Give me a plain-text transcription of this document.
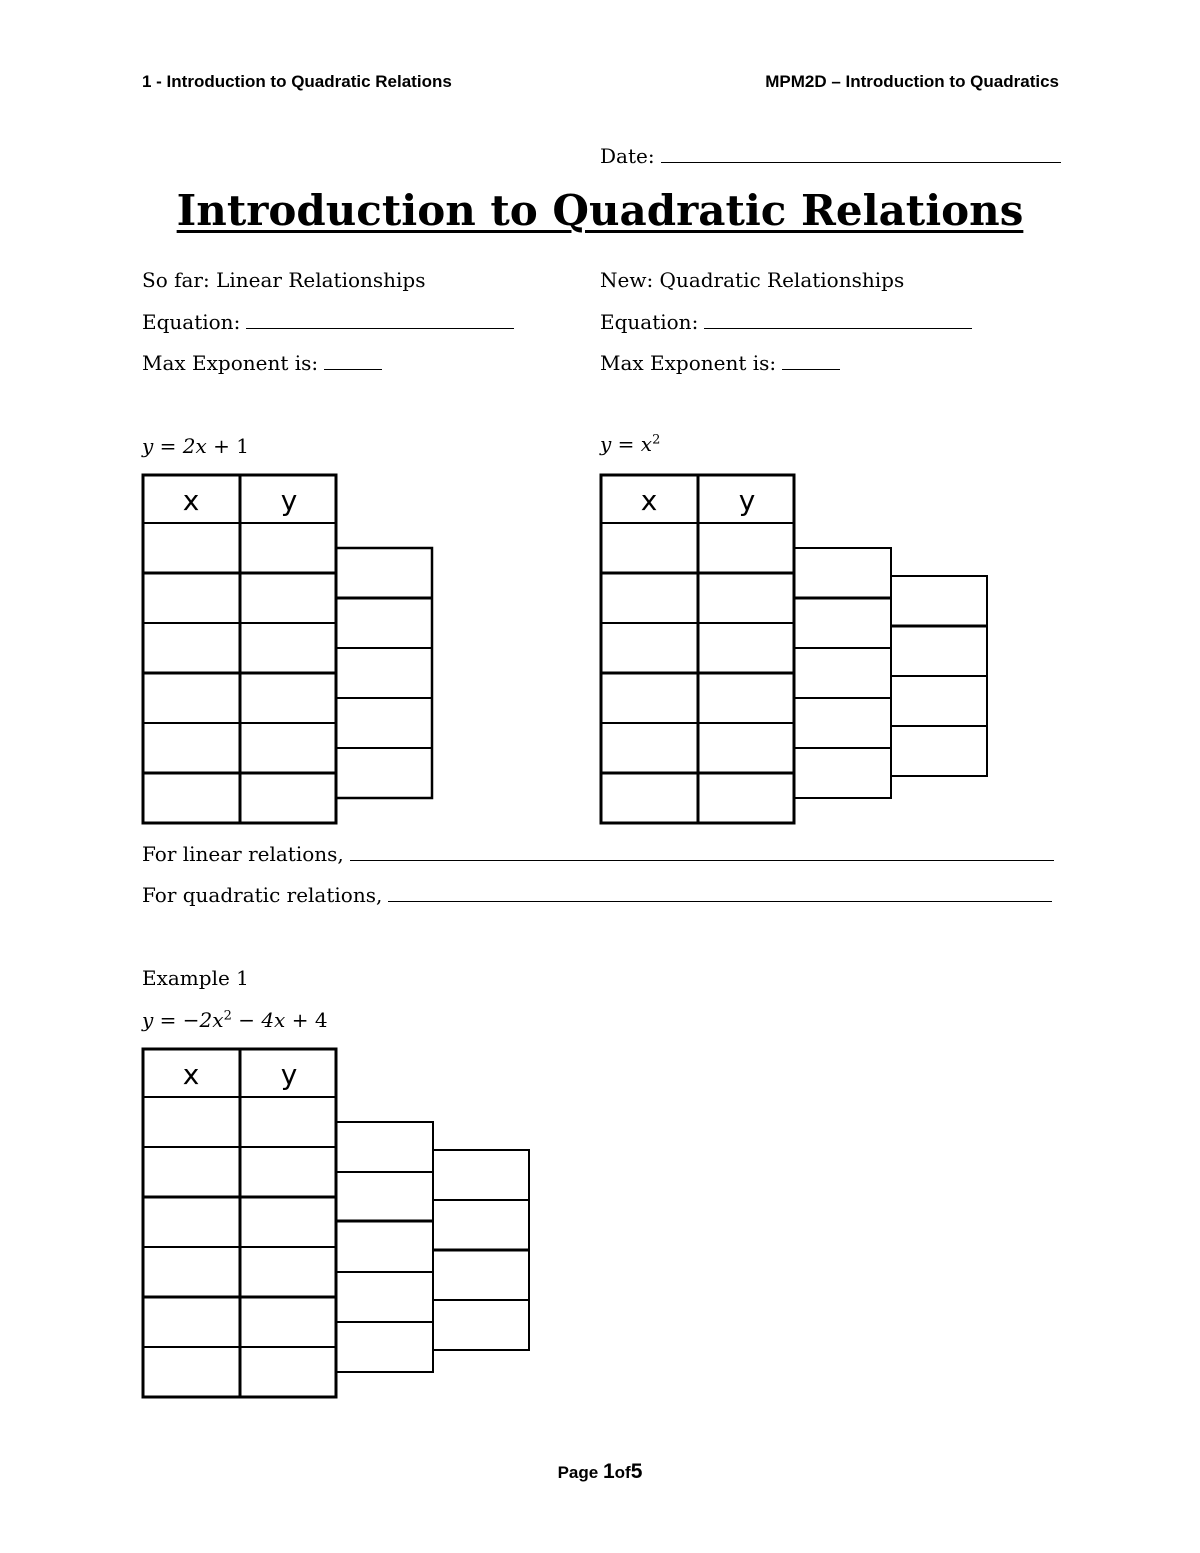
1 - Introduction to Quadratic Relations	MPM2D – Introduction to Quadratics
Date:
Introduction to Quadratic Relations
So far: Linear Relationships
Equation:
Max Exponent is:
New: Quadratic Relationships
Equation:
Max Exponent is:
y = 2x + 1	$y = x^2$
x	y	x	y
For linear relations,
For quadratic relations,
Example 1
$y = -2x^2 - 4x + 4$
x	y
Page 1of5
